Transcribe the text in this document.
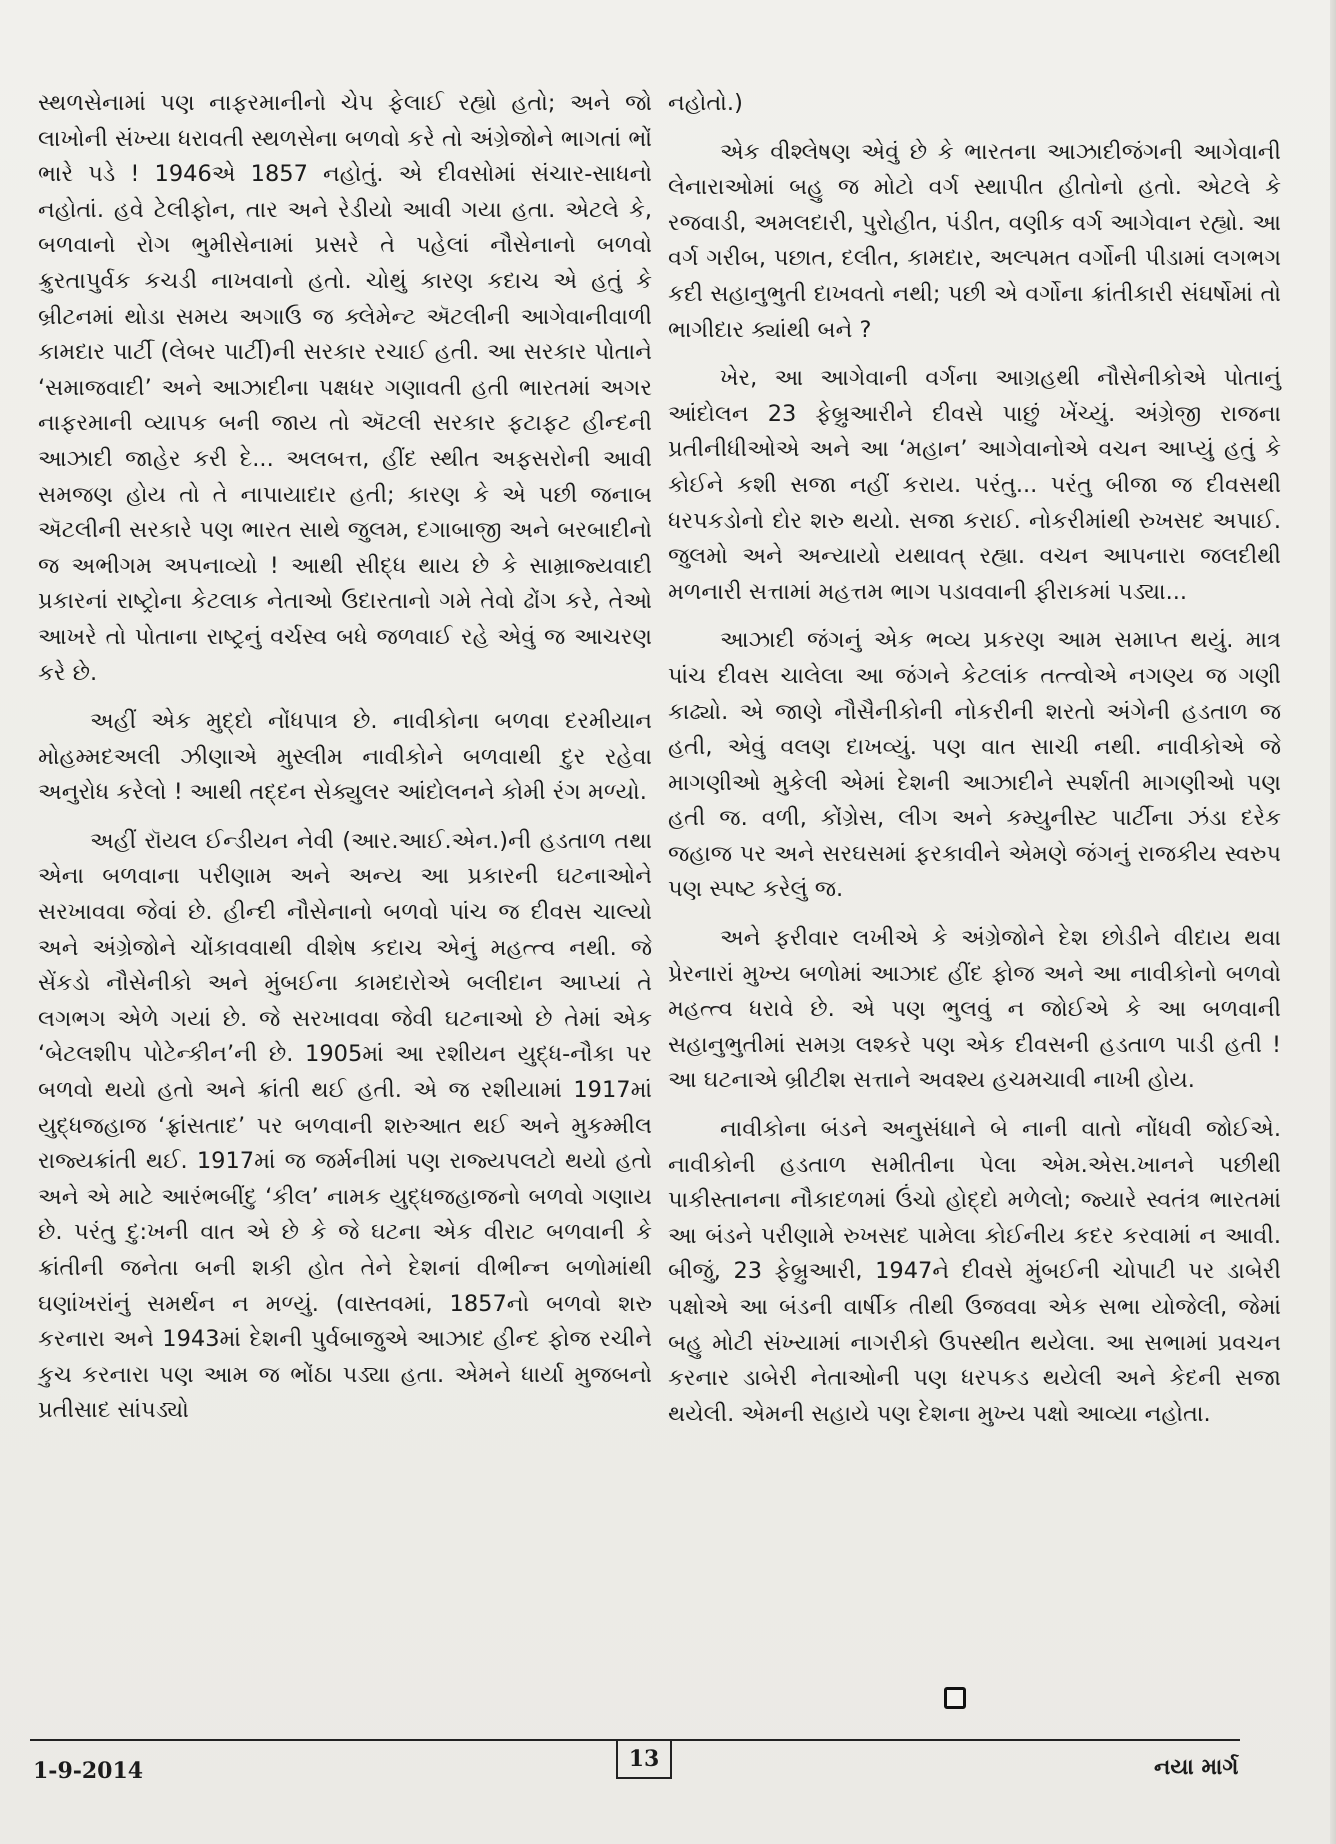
સ્થળસેનામાં પણ નાફરમાનીનો ચેપ ફેલાઈ રહ્યો હતો; અને જો લાખોની સંખ્યા ધરાવતી સ્થળસેના બળવો કરે તો અંગ્રેજોને ભાગતાં ભોં ભારે પડે ! 1946એ 1857 નહોતું. એ દીવસોમાં સંચાર-સાધનો નહોતાં. હવે ટેલીફોન, તાર અને રેડીયો આવી ગયા હતા. એટલે કે, બળવાનો રોગ ભુમીસેનામાં પ્રસરે તે પહેલાં નૌસેનાનો બળવો ક્રુરતાપુર્વક કચડી નાખવાનો હતો. ચોથું કારણ કદાચ એ હતું કે બ્રીટનમાં થોડા સમય અગાઉ જ ક્લેમેન્ટ ઍટલીની આગેવાનીવાળી કામદાર પાર્ટી (લેબર પાર્ટી)ની સરકાર રચાઈ હતી. આ સરકાર પોતાને ‘સમાજવાદી’ અને આઝાદીના પક્ષધર ગણાવતી હતી ભારતમાં અગર નાફરમાની વ્યાપક બની જાય તો ઍટલી સરકાર ફટાફટ હીન્દની આઝાદી જાહેર કરી દે... અલબત્ત, હીંદ સ્થીત અફસરોની આવી સમજણ હોય તો તે નાપાયાદાર હતી; કારણ કે એ પછી જનાબ ઍટલીની સરકારે પણ ભારત સાથે જુલમ, દગાબાજી અને બરબાદીનો જ અભીગમ અપનાવ્યો ! આથી સીદ્ધ થાય છે કે સામ્રાજ્યવાદી પ્રકારનાં રાષ્ટ્રોના કેટલાક નેતાઓ ઉદારતાનો ગમે તેવો ઢોંગ કરે, તેઓ આખરે તો પોતાના રાષ્ટ્રનું વર્ચસ્વ બધે જળવાઈ રહે એવું જ આચરણ કરે છે.

અહીં એક મુદ્દો નોંધપાત્ર છે. નાવીકોના બળવા દરમીયાન મોહમ્મદઅલી ઝીણાએ મુસ્લીમ નાવીકોને બળવાથી દુર રહેવા અનુરોધ કરેલો ! આથી તદ્દન સેક્યુલર આંદોલનને કોમી રંગ મળ્યો.

અહીં રૉયલ ઈન્ડીયન નેવી (આર.આઈ.એન.)ની હડતાળ તથા એના બળવાના પરીણામ અને અન્ય આ પ્રકારની ઘટનાઓને સરખાવવા જેવાં છે. હીન્દી નૌસેનાનો બળવો પાંચ જ દીવસ ચાલ્યો અને અંગ્રેજોને ચોંકાવવાથી વીશેષ કદાચ એનું મહત્ત્વ નથી. જે સેંકડો નૌસેનીકો અને મુંબઈના કામદારોએ બલીદાન આપ્યાં તે લગભગ એળે ગયાં છે. જે સરખાવવા જેવી ઘટનાઓ છે તેમાં એક ‘બેટલશીપ પોટેન્કીન’ની છે. 1905માં આ રશીયન યુદ્ધ-નૌકા પર બળવો થયો હતો અને ક્રાંતી થઈ હતી. એ જ રશીયામાં 1917માં યુદ્ધજહાજ ‘ફ્રાંસતાદ’ પર બળવાની શરુઆત થઈ અને મુકમ્મીલ રાજ્યક્રાંતી થઈ. 1917માં જ જર્મનીમાં પણ રાજ્યપલટો થયો હતો અને એ માટે આરંભબીંદુ ‘કીલ’ નામક યુદ્ધજહાજનો બળવો ગણાય છે. પરંતુ દુ:ખની વાત એ છે કે જે ઘટના એક વીરાટ બળવાની કે ક્રાંતીની જનેતા બની શકી હોત તેને દેશનાં વીભીન્ન બળોમાંથી ઘણાંખરાંનું સમર્થન ન મળ્યું. (વાસ્તવમાં, 1857નો બળવો શરુ કરનારા અને 1943માં દેશની પુર્વબાજુએ આઝાદ હીન્દ ફોજ રચીને કુચ કરનારા પણ આમ જ ભોંઠા પડ્યા હતા. એમને ધાર્યા મુજબનો પ્રતીસાદ સાંપડ્યો

નહોતો.)

એક વીશ્લેષણ એવું છે કે ભારતના આઝાદીજંગની આગેવાની લેનારાઓમાં બહુ જ મોટો વર્ગ સ્થાપીત હીતોનો હતો. એટલે કે રજવાડી, અમલદારી, પુરોહીત, પંડીત, વણીક વર્ગ આગેવાન રહ્યો. આ વર્ગ ગરીબ, પછાત, દલીત, કામદાર, અલ્પમત વર્ગોની પીડામાં લગભગ કદી સહાનુભુતી દાખવતો નથી; પછી એ વર્ગોના ક્રાંતીકારી સંઘર્ષોમાં તો ભાગીદાર ક્યાંથી બને ?

ખેર, આ આગેવાની વર્ગના આગ્રહથી નૌસેનીકોએ પોતાનું આંદોલન 23 ફેબ્રુઆરીને દીવસે પાછું ખેંચ્યું. અંગ્રેજી રાજના પ્રતીનીધીઓએ અને આ ‘મહાન’ આગેવાનોએ વચન આપ્યું હતું કે કોઈને કશી સજા નહીં કરાય. પરંતુ... પરંતુ બીજા જ દીવસથી ધરપકડોનો દોર શરુ થયો. સજા કરાઈ. નોકરીમાંથી રુખસદ અપાઈ. જુલમો અને અન્યાયો યથાવત્ રહ્યા. વચન આપનારા જલદીથી મળનારી સત્તામાં મહત્તમ ભાગ પડાવવાની ફીરાકમાં પડ્યા...

આઝાદી જંગનું એક ભવ્ય પ્રકરણ આમ સમાપ્ત થયું. માત્ર પાંચ દીવસ ચાલેલા આ જંગને કેટલાંક તત્ત્વોએ નગણ્ય જ ગણી કાઢ્યો. એ જાણે નૌસૈનીકોની નોકરીની શરતો અંગેની હડતાળ જ હતી, એવું વલણ દાખવ્યું. પણ વાત સાચી નથી. નાવીકોએ જે માગણીઓ મુકેલી એમાં દેશની આઝાદીને સ્પર્શતી માગણીઓ પણ હતી જ. વળી, કોંગ્રેસ, લીગ અને કમ્યુનીસ્ટ પાર્ટીના ઝંડા દરેક જહાજ પર અને સરઘસમાં ફરકાવીને એમણે જંગનું રાજકીય સ્વરુપ પણ સ્પષ્ટ કરેલું જ.

અને ફરીવાર લખીએ કે અંગ્રેજોને દેશ છોડીને વીદાય થવા પ્રેરનારાં મુખ્ય બળોમાં આઝાદ હીંદ ફોજ અને આ નાવીકોનો બળવો મહત્ત્વ ધરાવે છે. એ પણ ભુલવું ન જોઈએ કે આ બળવાની સહાનુભુતીમાં સમગ્ર લશ્કરે પણ એક દીવસની હડતાળ પાડી હતી ! આ ઘટનાએ બ્રીટીશ સત્તાને અવશ્ય હચમચાવી નાખી હોય.

નાવીકોના બંડને અનુસંધાને બે નાની વાતો નોંધવી જોઈએ. નાવીકોની હડતાળ સમીતીના પેલા એમ.એસ.ખાનને પછીથી પાકીસ્તાનના નૌકાદળમાં ઉંચો હોદ્દો મળેલો; જ્યારે સ્વતંત્ર ભારતમાં આ બંડને પરીણામે રુખસદ પામેલા કોઈનીય કદર કરવામાં ન આવી. બીજું, 23 ફેબ્રુઆરી, 1947ને દીવસે મુંબઈની ચોપાટી પર ડાબેરી પક્ષોએ આ બંડની વાર્ષીક તીથી ઉજવવા એક સભા યોજેલી, જેમાં બહુ મોટી સંખ્યામાં નાગરીકો ઉપસ્થીત થયેલા. આ સભામાં પ્રવચન કરનાર ડાબેરી નેતાઓની પણ ધરપકડ થયેલી અને કેદની સજા થયેલી. એમની સહાયે પણ દેશના મુખ્ય પક્ષો આવ્યા નહોતા.

1-9-2014	13	નયા માર્ગ
